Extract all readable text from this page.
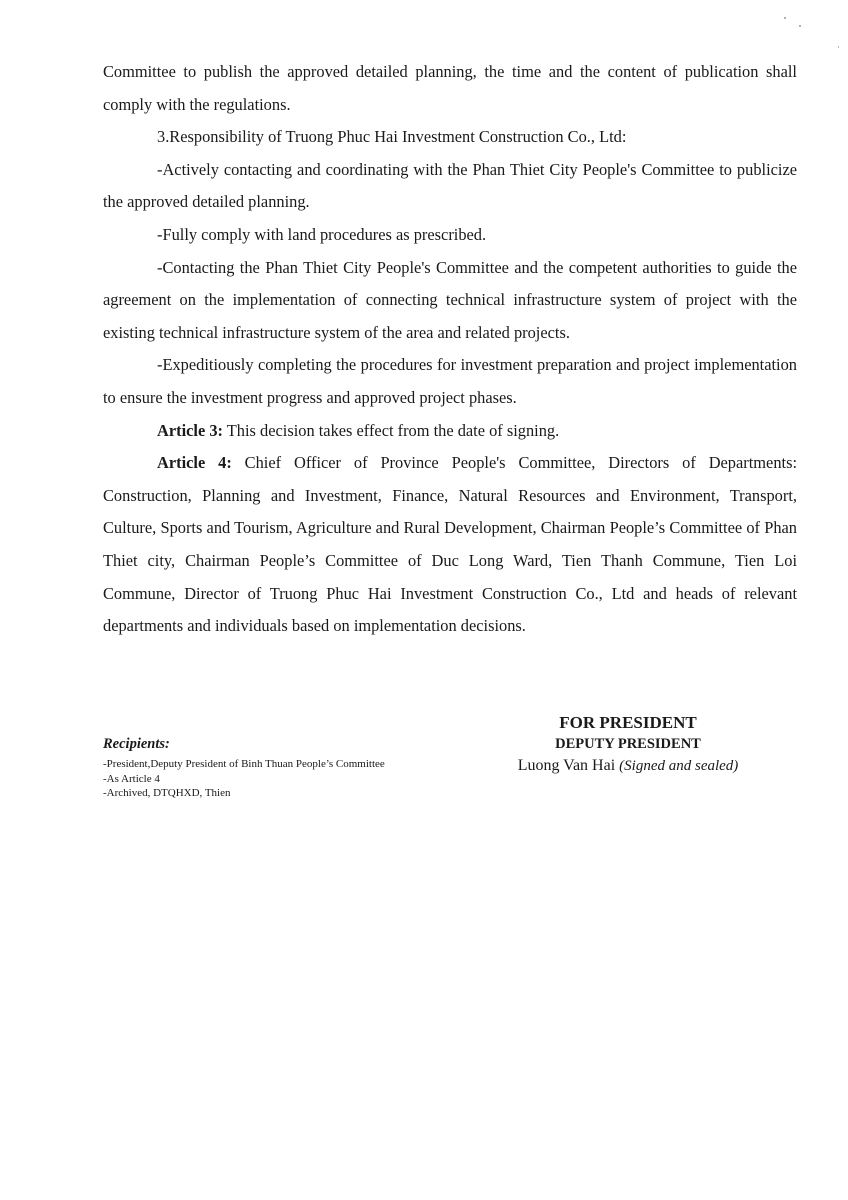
Committee to publish the approved detailed planning, the time and the content of publication shall comply with the regulations.

3.Responsibility of Truong Phuc Hai Investment Construction Co., Ltd:

-Actively contacting and coordinating with the Phan Thiet City People's Committee to publicize the approved detailed planning.

-Fully comply with land procedures as prescribed.

-Contacting the Phan Thiet City People's Committee and the competent authorities to guide the agreement on the implementation of connecting technical infrastructure system of project with the existing technical infrastructure system of the area and related projects.

-Expeditiously completing the procedures for investment preparation and project implementation to ensure the investment progress and approved project phases.

Article 3: This decision takes effect from the date of signing.

Article 4: Chief Officer of Province People's Committee, Directors of Departments: Construction, Planning and Investment, Finance, Natural Resources and Environment, Transport, Culture, Sports and Tourism, Agriculture and Rural Development, Chairman People’s Committee of Phan Thiet city, Chairman People’s Committee of Duc Long Ward, Tien Thanh Commune, Tien Loi Commune, Director of Truong Phuc Hai Investment Construction Co., Ltd and heads of relevant departments and individuals based on implementation decisions.

Recipients:
-President,Deputy President of Binh Thuan People’s Committee
-As Article 4
-Archived, DTQHXD, Thien
FOR PRESIDENT
DEPUTY PRESIDENT
Luong Van Hai (Signed and sealed)
